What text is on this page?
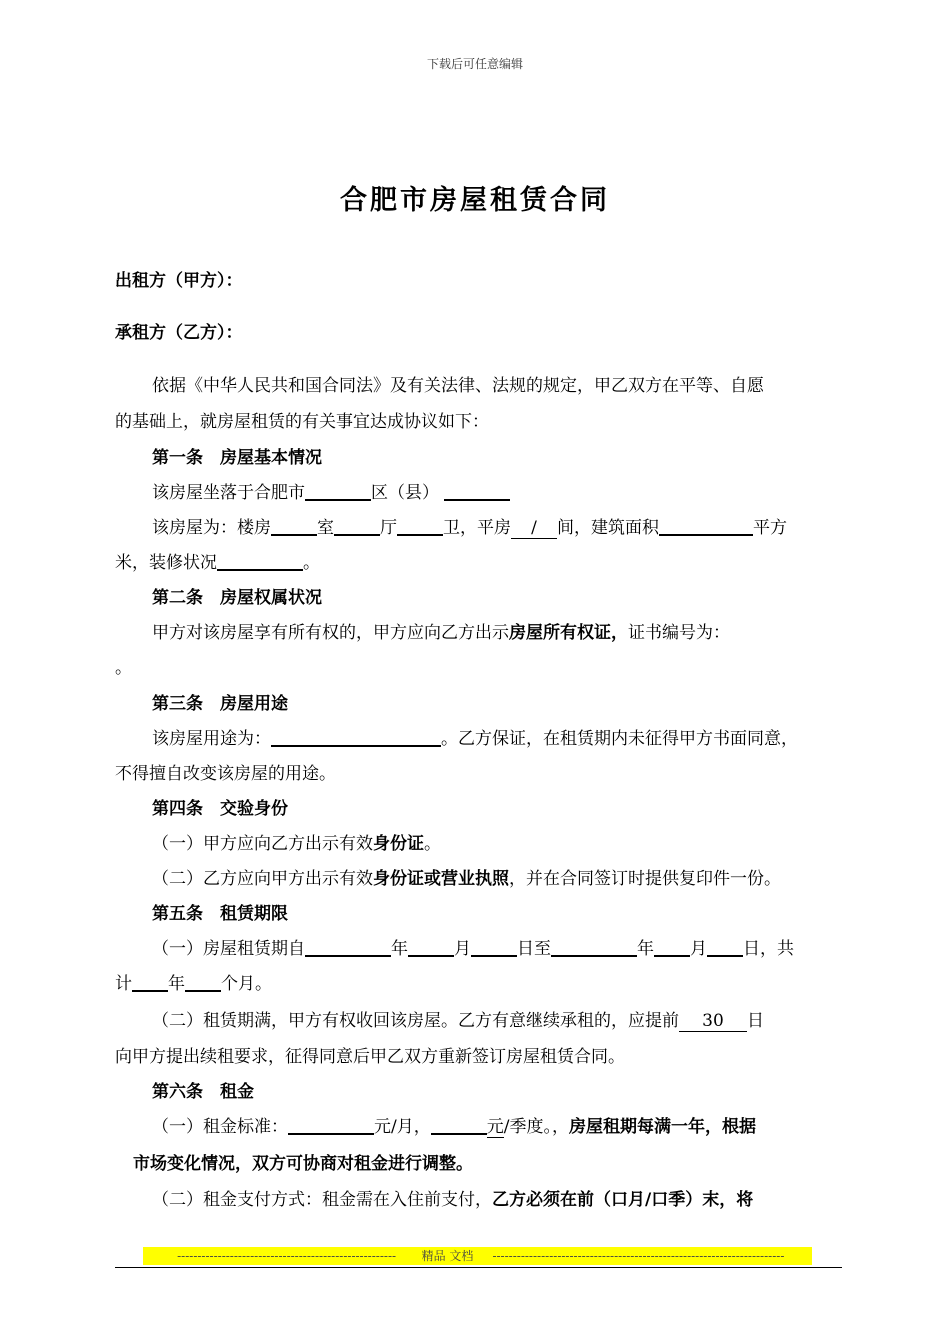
下载后可任意编辑
合肥市房屋租赁合同
出租方（甲方）：
承租方（乙方）：
依据《中华人民共和国合同法》及有关法律、法规的规定，甲乙双方在平等、自愿
的基础上，就房屋租赁的有关事宜达成协议如下：
第一条　房屋基本情况
该房屋坐落于合肥市	区（县）
该房屋为：楼房	室	厅	卫，平房 / 间，建筑面积	平方
米，装修状况	。
第二条　房屋权属状况
甲方对该房屋享有所有权的，甲方应向乙方出示房屋所有权证，证书编号为：
。
第三条　房屋用途
该房屋用途为：	。乙方保证，在租赁期内未征得甲方书面同意，
不得擅自改变该房屋的用途。
第四条　交验身份
（一）甲方应向乙方出示有效身份证。
（二）乙方应向甲方出示有效身份证或营业执照，并在合同签订时提供复印件一份。
第五条　租赁期限
（一）房屋租赁期自	年	月	日至	年 月 日，共
计 年 个月。
（二）租赁期满，甲方有权收回该房屋。乙方有意继续承租的，应提前 30 日
向甲方提出续租要求，征得同意后甲乙双方重新签订房屋租赁合同。
第六条　租金
（一）租金标准：	元/月，	元/季度。，房屋租期每满一年，根据
市场变化情况，双方可协商对租金进行调整。
（二）租金支付方式：租金需在入住前支付，乙方必须在前（口月/口季）末，将
------------------------------------------------------ 精品 文档 ------------------------------------------------------------------------
